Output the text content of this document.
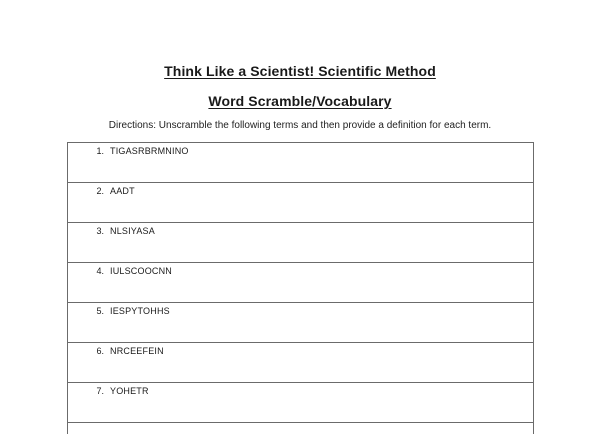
Think Like a Scientist! Scientific Method
Word Scramble/Vocabulary
Directions: Unscramble the following terms and then provide a definition for each term.
1. TIGASRBRMNINO
2. AADT
3. NLSIYASA
4. IULSCOOCNN
5. IESPYTOHHS
6. NRCEEFEIN
7. YOHETR
